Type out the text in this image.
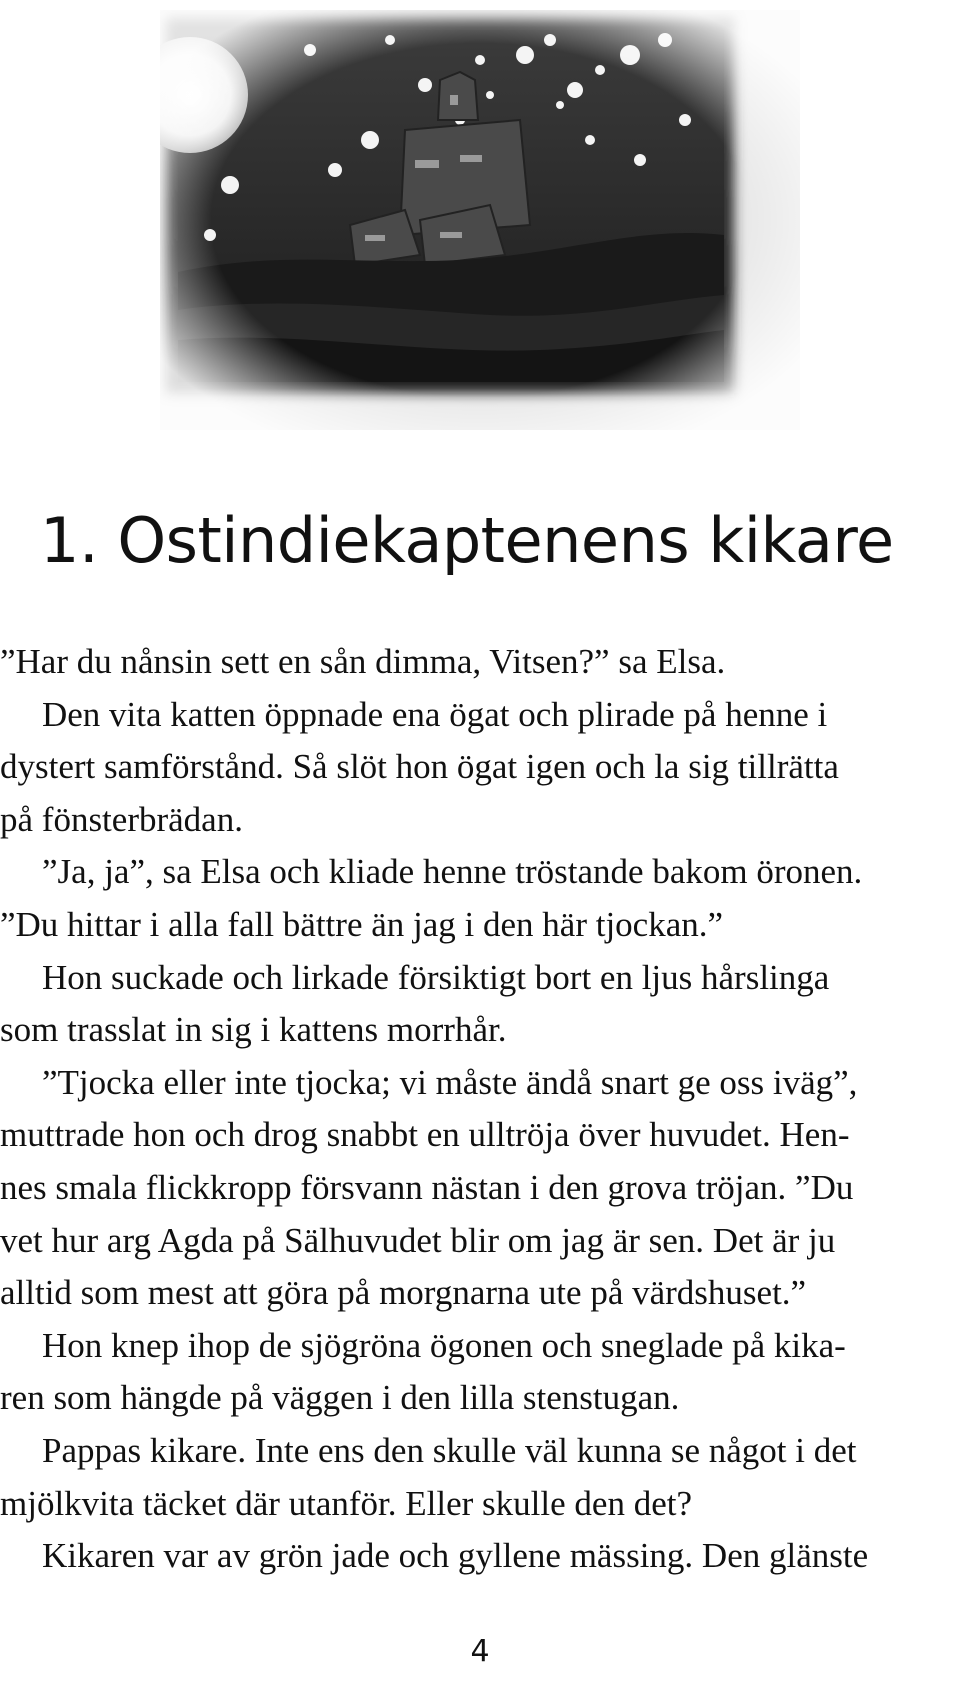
1. Ostindiekaptenens kikare

”Har du nånsin sett en sån dimma, Vitsen?” sa Elsa.
Den vita katten öppnade ena ögat och plirade på henne i
dystert samförstånd. Så slöt hon ögat igen och la sig tillrätta
på fönsterbrädan.
”Ja, ja”, sa Elsa och kliade henne tröstande bakom öronen.
”Du hittar i alla fall bättre än jag i den här tjockan.”
Hon suckade och lirkade försiktigt bort en ljus hårslinga
som trasslat in sig i kattens morrhår.
”Tjocka eller inte tjocka; vi måste ändå snart ge oss iväg”,
muttrade hon och drog snabbt en ulltröja över huvudet. Hen-
nes smala flickkropp försvann nästan i den grova tröjan. ”Du
vet hur arg Agda på Sälhuvudet blir om jag är sen. Det är ju
alltid som mest att göra på morgnarna ute på värdshuset.”
Hon knep ihop de sjögröna ögonen och sneglade på kika-
ren som hängde på väggen i den lilla stenstugan.
Pappas kikare. Inte ens den skulle väl kunna se något i det
mjölkvita täcket där utanför. Eller skulle den det?
Kikaren var av grön jade och gyllene mässing. Den glänste

4
